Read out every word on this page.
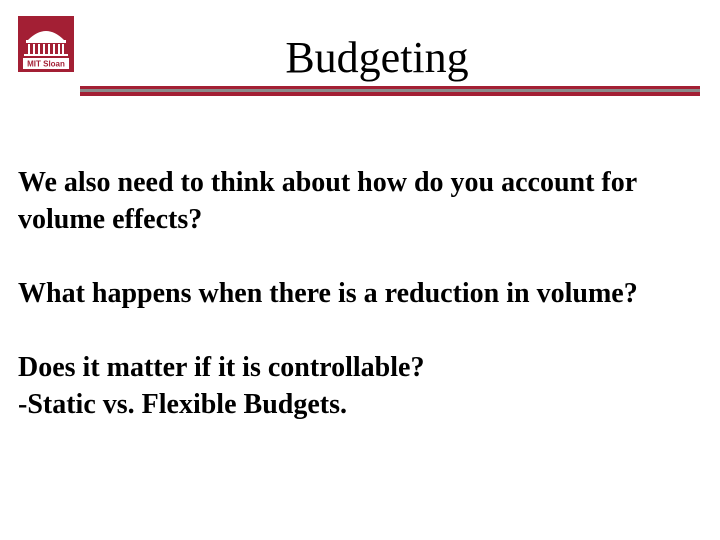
MIT Sloan	Budgeting

We also need to think about how do you account for volume effects?

What happens when there is a reduction in volume?

Does it matter if it is controllable?

-Static vs. Flexible Budgets.
